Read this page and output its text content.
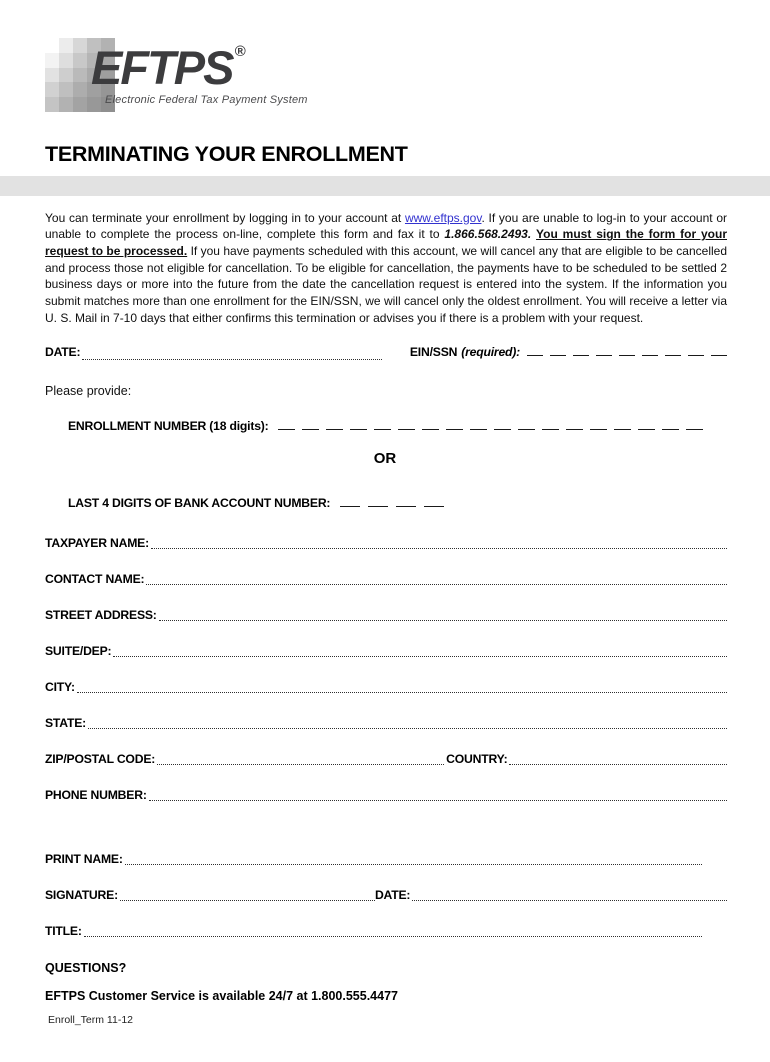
EFTPS ®
Electronic Federal Tax Payment System
TERMINATING YOUR ENROLLMENT

You can terminate your enrollment by logging in to your account at www.eftps.gov. If you are unable to log-in to your account or unable to complete the process on-line, complete this form and fax it to 1.866.568.2493. You must sign the form for your request to be processed. If you have payments scheduled with this account, we will cancel any that are eligible to be cancelled and process those not eligible for cancellation. To be eligible for cancellation, the payments have to be scheduled to be settled 2 business days or more into the future from the date the cancellation request is entered into the system. If the information you submit matches more than one enrollment for the EIN/SSN, we will cancel only the oldest enrollment. You will receive a letter via U. S. Mail in 7-10 days that either confirms this termination or advises you if there is a problem with your request.

DATE:	EIN/SSN (required):

Please provide:

ENROLLMENT NUMBER (18 digits):
OR
LAST 4 DIGITS OF BANK ACCOUNT NUMBER:
TAXPAYER NAME:
CONTACT NAME:
STREET ADDRESS:
SUITE/DEP:
CITY:
STATE:
ZIP/POSTAL CODE:	COUNTRY:
PHONE NUMBER:
PRINT NAME:
SIGNATURE:	DATE:
TITLE:

QUESTIONS?

EFTPS Customer Service is available 24/7 at 1.800.555.4477

Enroll_Term 11-12
